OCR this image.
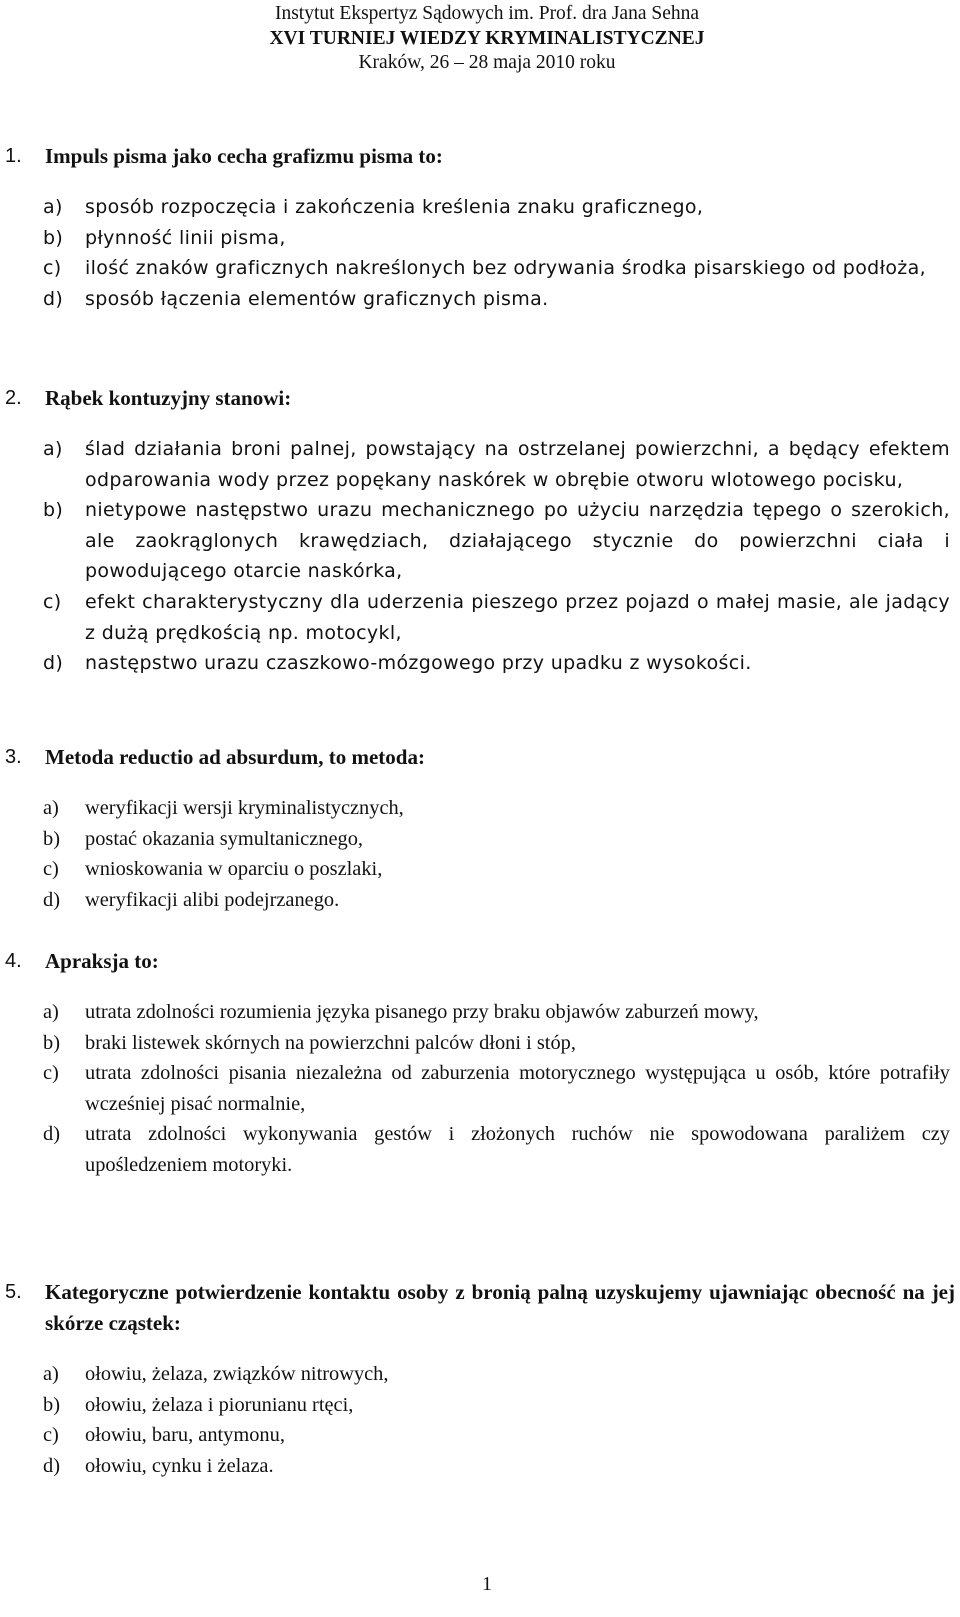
Instytut Ekspertyz Sądowych im. Prof. dra Jana Sehna
XVI TURNIEJ WIEDZY KRYMINALISTYCZNEJ
Kraków, 26 – 28 maja 2010 roku
1. Impuls pisma jako cecha grafizmu pisma to:
a) sposób rozpoczęcia i zakończenia kreślenia znaku graficznego,
b) płynność linii pisma,
c) ilość znaków graficznych nakreślonych bez odrywania środka pisarskiego od podłoża,
d) sposób łączenia elementów graficznych pisma.
2. Rąbek kontuzyjny stanowi:
a) ślad działania broni palnej, powstający na ostrzelanej powierzchni, a będący efektem odparowania wody przez popękany naskórek w obrębie otworu wlotowego pocisku,
b) nietypowe następstwo urazu mechanicznego po użyciu narzędzia tępego o szerokich, ale zaokrąglonych krawędziach, działającego stycznie do powierzchni ciała i powodującego otarcie naskórka,
c) efekt charakterystyczny dla uderzenia pieszego przez pojazd o małej masie, ale jadący z dużą prędkością np. motocykl,
d) następstwo urazu czaszkowo-mózgowego przy upadku z wysokości.
3. Metoda reductio ad absurdum, to metoda:
a) weryfikacji wersji kryminalistycznych,
b) postać okazania symultanicznego,
c) wnioskowania w oparciu o poszlaki,
d) weryfikacji alibi podejrzanego.
4. Apraksja to:
a) utrata zdolności rozumienia języka pisanego przy braku objawów zaburzeń mowy,
b) braki listewek skórnych na powierzchni palców dłoni i stóp,
c) utrata zdolności pisania niezależna od zaburzenia motorycznego występująca u osób, które potrafiły wcześniej pisać normalnie,
d) utrata zdolności wykonywania gestów i złożonych ruchów nie spowodowana paraliżem czy upośledzeniem motoryki.
5. Kategoryczne potwierdzenie kontaktu osoby z bronią palną uzyskujemy ujawniając obecność na jej skórze cząstek:
a) ołowiu, żelaza, związków nitrowych,
b) ołowiu, żelaza i piorunianu rtęci,
c) ołowiu, baru, antymonu,
d) ołowiu, cynku i żelaza.
1
